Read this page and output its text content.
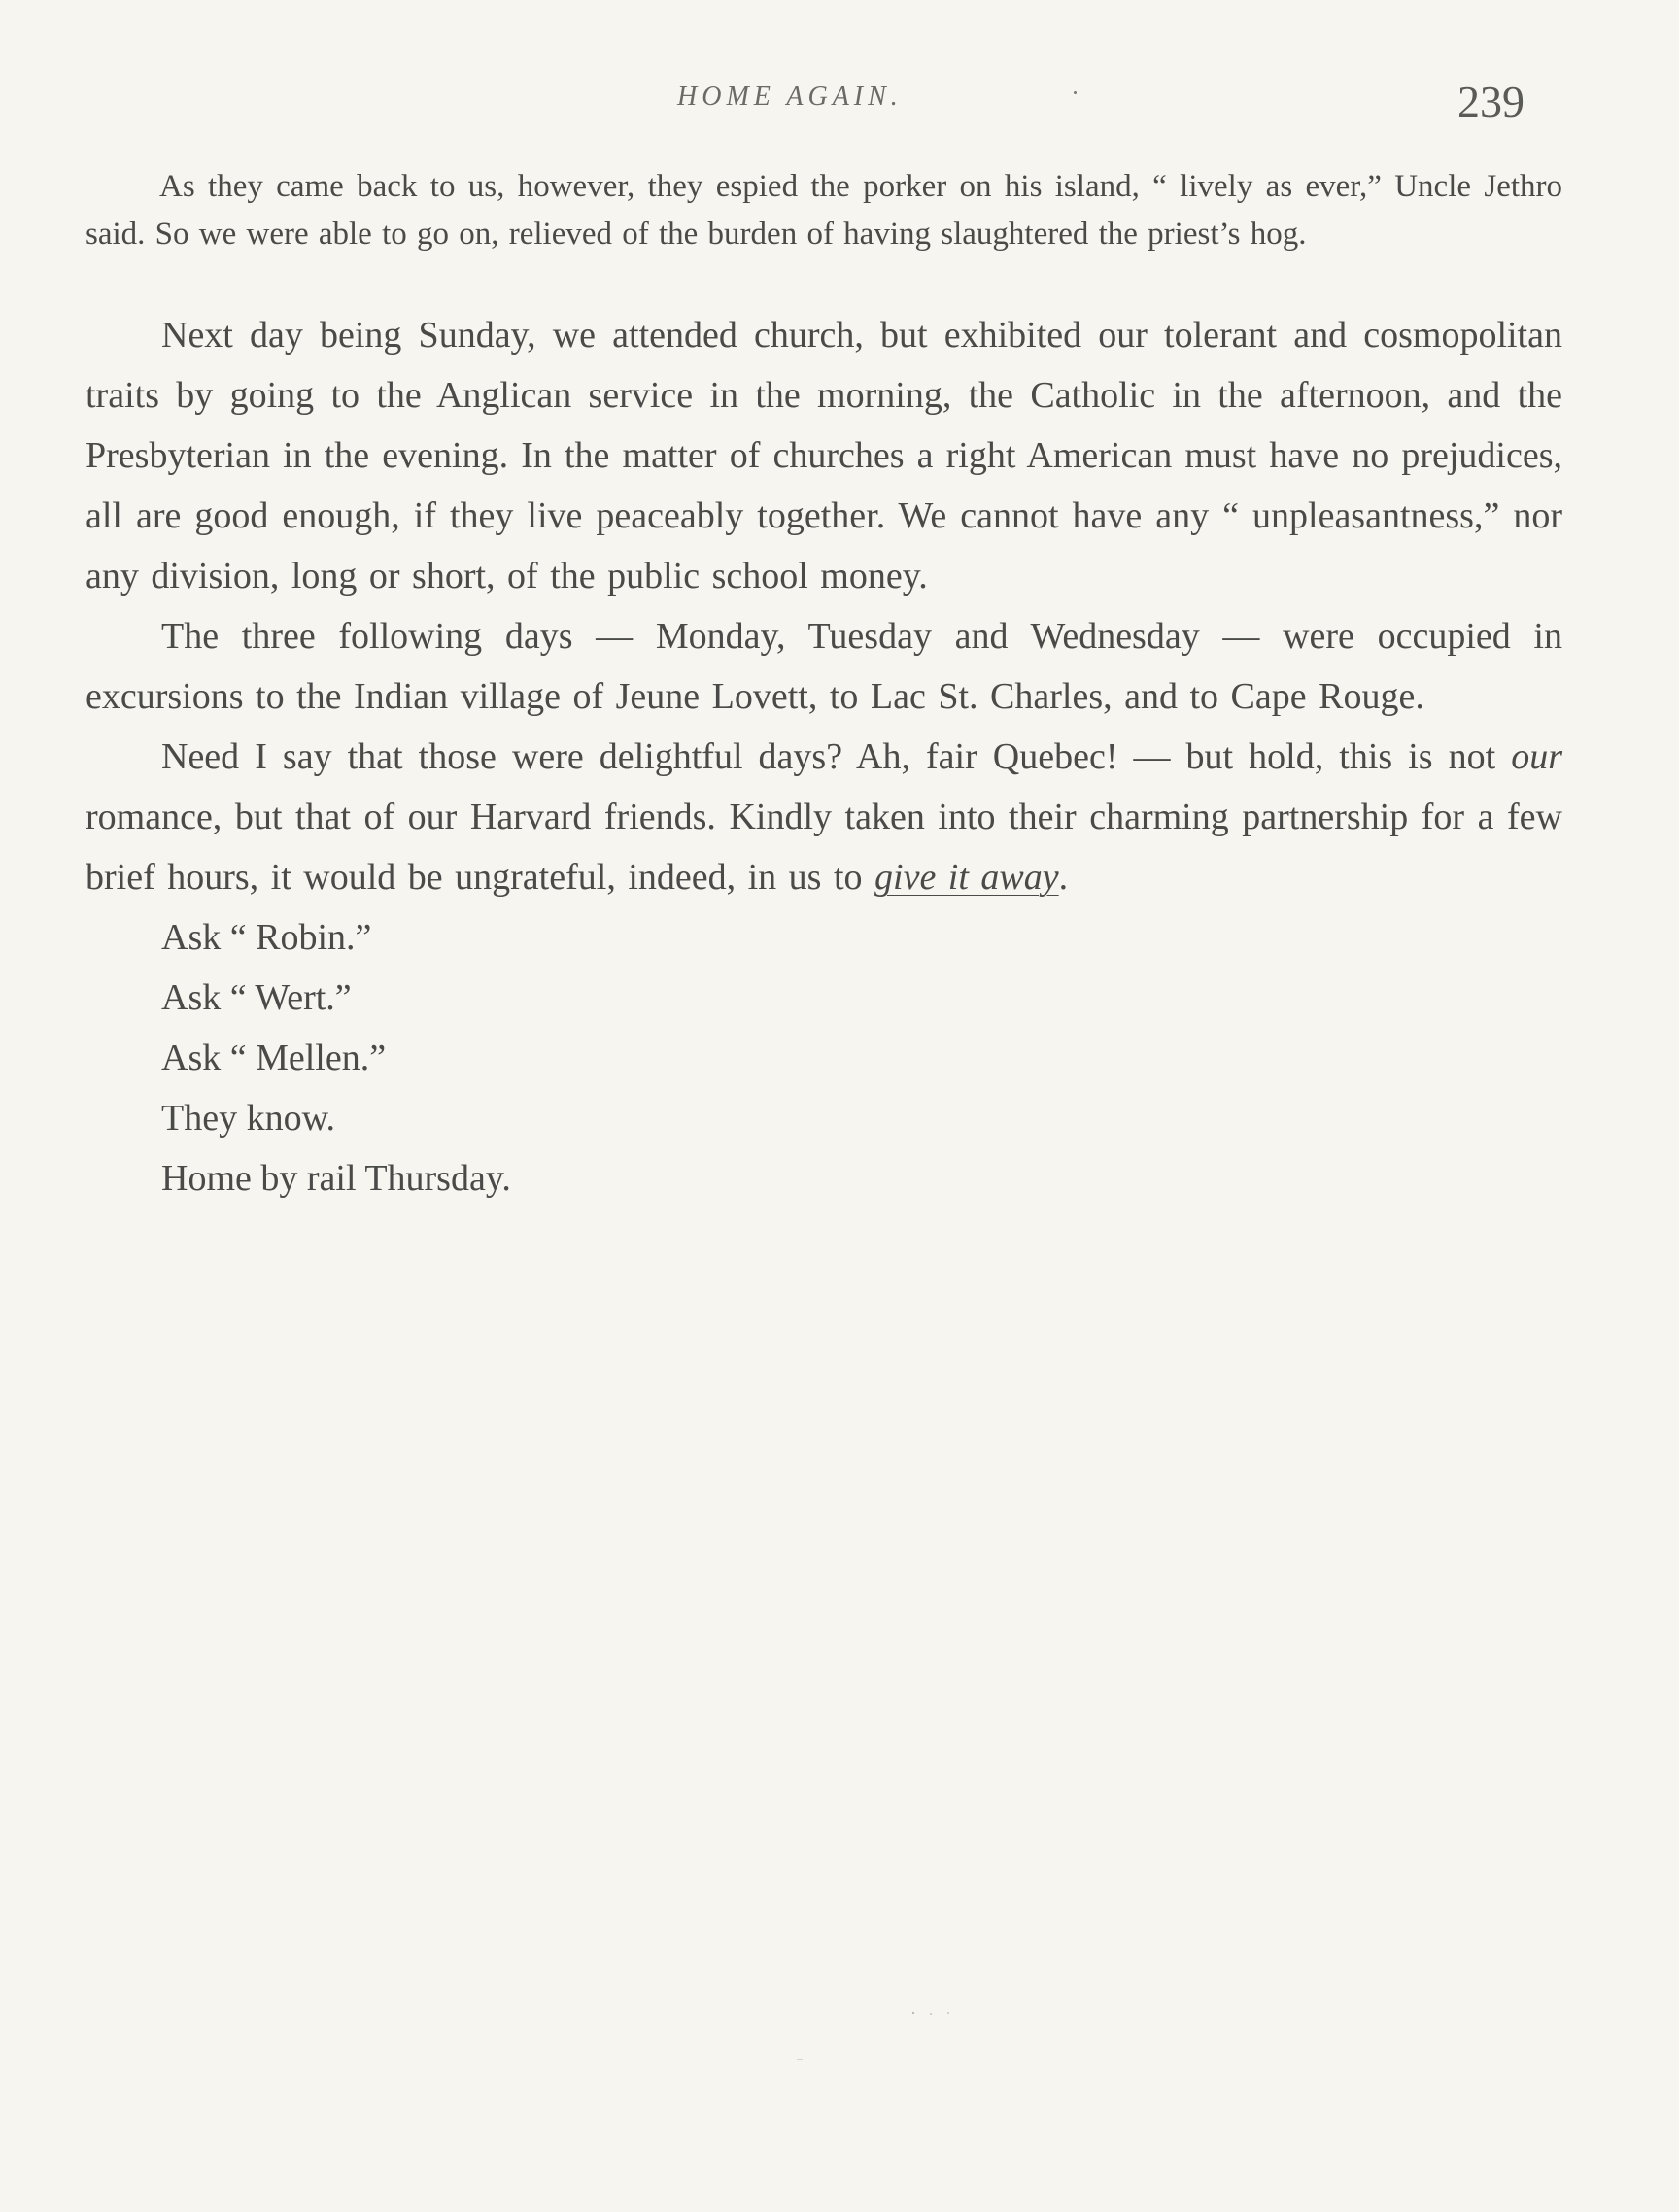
HOME AGAIN.	239

As they came back to us, however, they espied the porker on his island, “ lively as ever,” Uncle Jethro said. So we were able to go on, relieved of the burden of having slaughtered the priest’s hog.

Next day being Sunday, we attended church, but exhibited our tolerant and cosmopolitan traits by going to the Anglican service in the morning, the Catholic in the afternoon, and the Presbyterian in the evening. In the matter of churches a right American must have no prejudices, all are good enough, if they live peaceably together. We cannot have any “ unpleasantness,” nor any division, long or short, of the public school money.

The three following days — Monday, Tuesday and Wednesday — were occupied in excursions to the Indian village of Jeune Lovett, to Lac St. Charles, and to Cape Rouge.

Need I say that those were delightful days? Ah, fair Quebec! — but hold, this is not our romance, but that of our Harvard friends. Kindly taken into their charming partnership for a few brief hours, it would be ungrateful, indeed, in us to give it away.

Ask “ Robin.”

Ask “ Wert.”

Ask “ Mellen.”

They know.

Home by rail Thursday.
